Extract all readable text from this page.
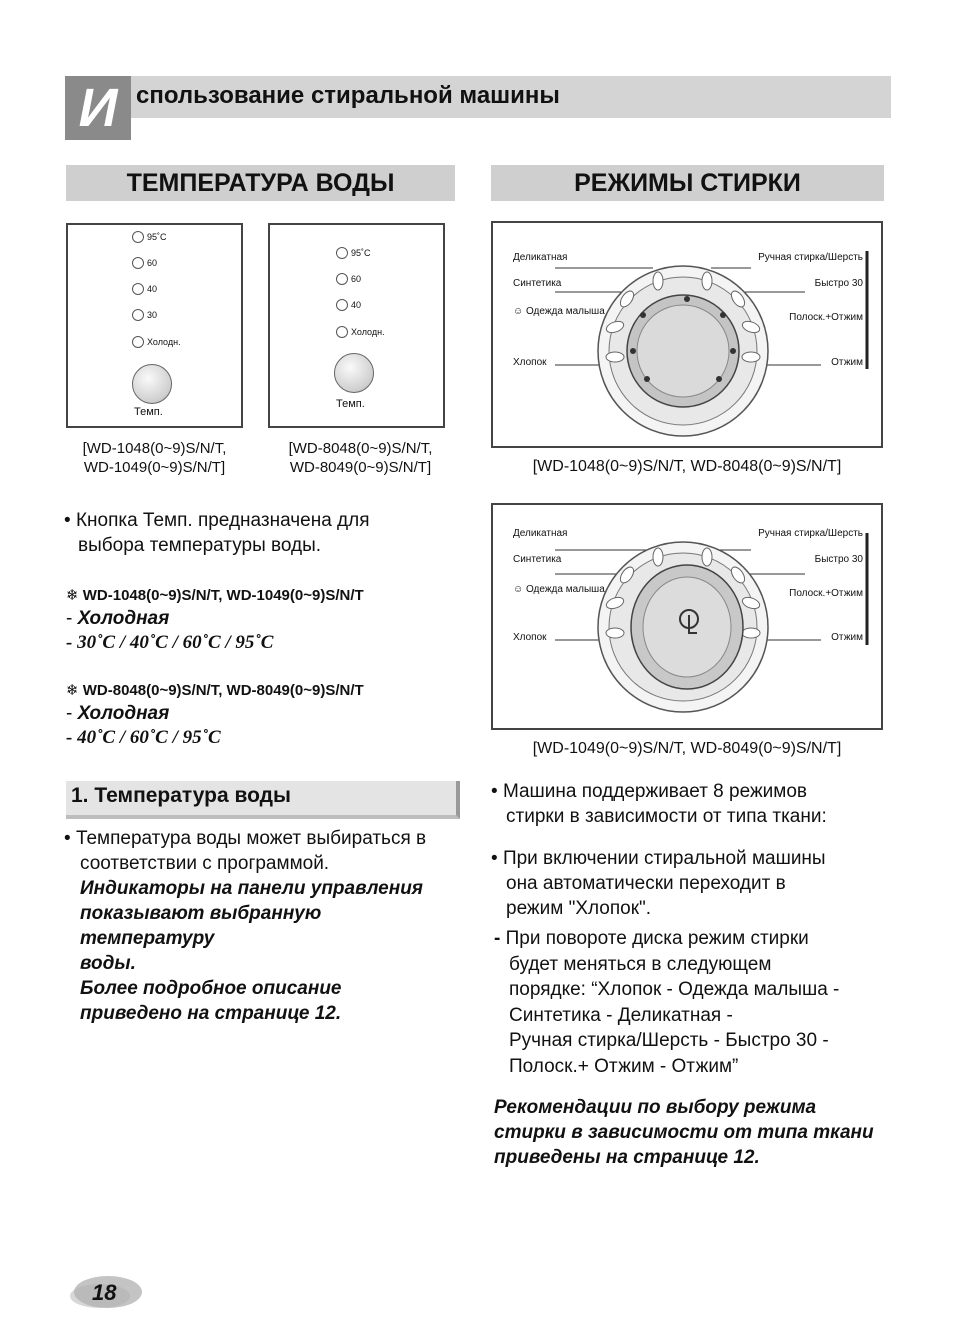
И спользование стиральной машины
ТЕМПЕРАТУРА ВОДЫ
95˚C
60
40
30
Холодн.
Темп.
[WD-1048(0~9)S/N/T,
WD-1049(0~9)S/N/T]
95˚C
60
40
Холодн.
Темп.
[WD-8048(0~9)S/N/T,
WD-8049(0~9)S/N/T]
• Кнопка Темп. предназначена для
выбора температуры воды.
❄ WD-1048(0~9)S/N/T, WD-1049(0~9)S/N/T
- Холодная
- 30˚C / 40˚C / 60˚C / 95˚C
❄ WD-8048(0~9)S/N/T, WD-8049(0~9)S/N/T
- Холодная
- 40˚C / 60˚C / 95˚C
1. Температура воды
• Температура воды может выбираться в
соответствии с программой.
Индикаторы на панели управления
показывают выбранную температуру
воды.
Более подробное описание
приведено на странице 12.
РЕЖИМЫ СТИРКИ
Деликатная
Синтетика
☺ Одежда малыша
Хлопок
Ручная стирка/Шерсть
Быстро 30
Полоск.+Отжим
Отжим
[WD-1048(0~9)S/N/T, WD-8048(0~9)S/N/T]
Деликатная
Синтетика
☺ Одежда малыша
Хлопок
Ручная стирка/Шерсть
Быстро 30
Полоск.+Отжим
Отжим
[WD-1049(0~9)S/N/T, WD-8049(0~9)S/N/T]
• Машина поддерживает 8 режимов
стирки в зависимости от типа ткани:
• При включении стиральной машины
она автоматически переходит в
режим "Хлопок".
- При повороте диска режим стирки
будет меняться в следующем
порядке: “Хлопок - Одежда малыша -
Синтетика - Деликатная -
Ручная стирка/Шерсть - Быстро 30 -
Полоск.+ Отжим - Отжим”
Рекомендации по выбору режима
стирки в зависимости от типа ткани
приведены на странице 12.
18
